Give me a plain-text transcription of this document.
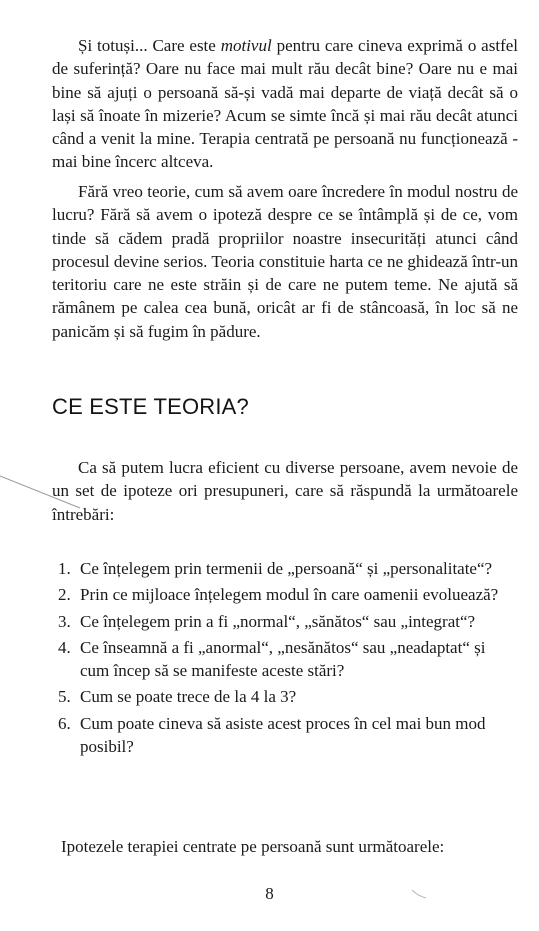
Și totuși... Care este motivul pentru care cineva exprimă o astfel de suferință? Oare nu face mai mult rău decât bine? Oare nu e mai bine să ajuți o persoană să-și vadă mai departe de viață decât să o lași să înoate în mizerie? Acum se simte încă și mai rău decât atunci când a venit la mine. Terapia centrată pe persoană nu funcționează - mai bine încerc altceva.

Fără vreo teorie, cum să avem oare încredere în modul nostru de lucru? Fără să avem o ipoteză despre ce se întâmplă și de ce, vom tinde să cădem pradă propriilor noastre insecurități atunci când procesul devine serios. Teoria constituie harta ce ne ghidează într-un teritoriu care ne este străin și de care ne putem teme. Ne ajută să rămânem pe calea cea bună, oricât ar fi de stâncoasă, în loc să ne panicăm și să fugim în pădure.

CE ESTE TEORIA?

Ca să putem lucra eficient cu diverse persoane, avem nevoie de un set de ipoteze ori presupuneri, care să răspundă la următoarele întrebări:

1. Ce înțelegem prin termenii de „persoană“ și „personalitate“?
2. Prin ce mijloace înțelegem modul în care oamenii evoluează?
3. Ce înțelegem prin a fi „normal“, „sănătos“ sau „integrat“?
4. Ce înseamnă a fi „anormal“, „nesănătos“ sau „neadaptat“ și cum încep să se manifeste aceste stări?
5. Cum se poate trece de la 4 la 3?
6. Cum poate cineva să asiste acest proces în cel mai bun mod posibil?

Ipotezele terapiei centrate pe persoană sunt următoarele:

8
